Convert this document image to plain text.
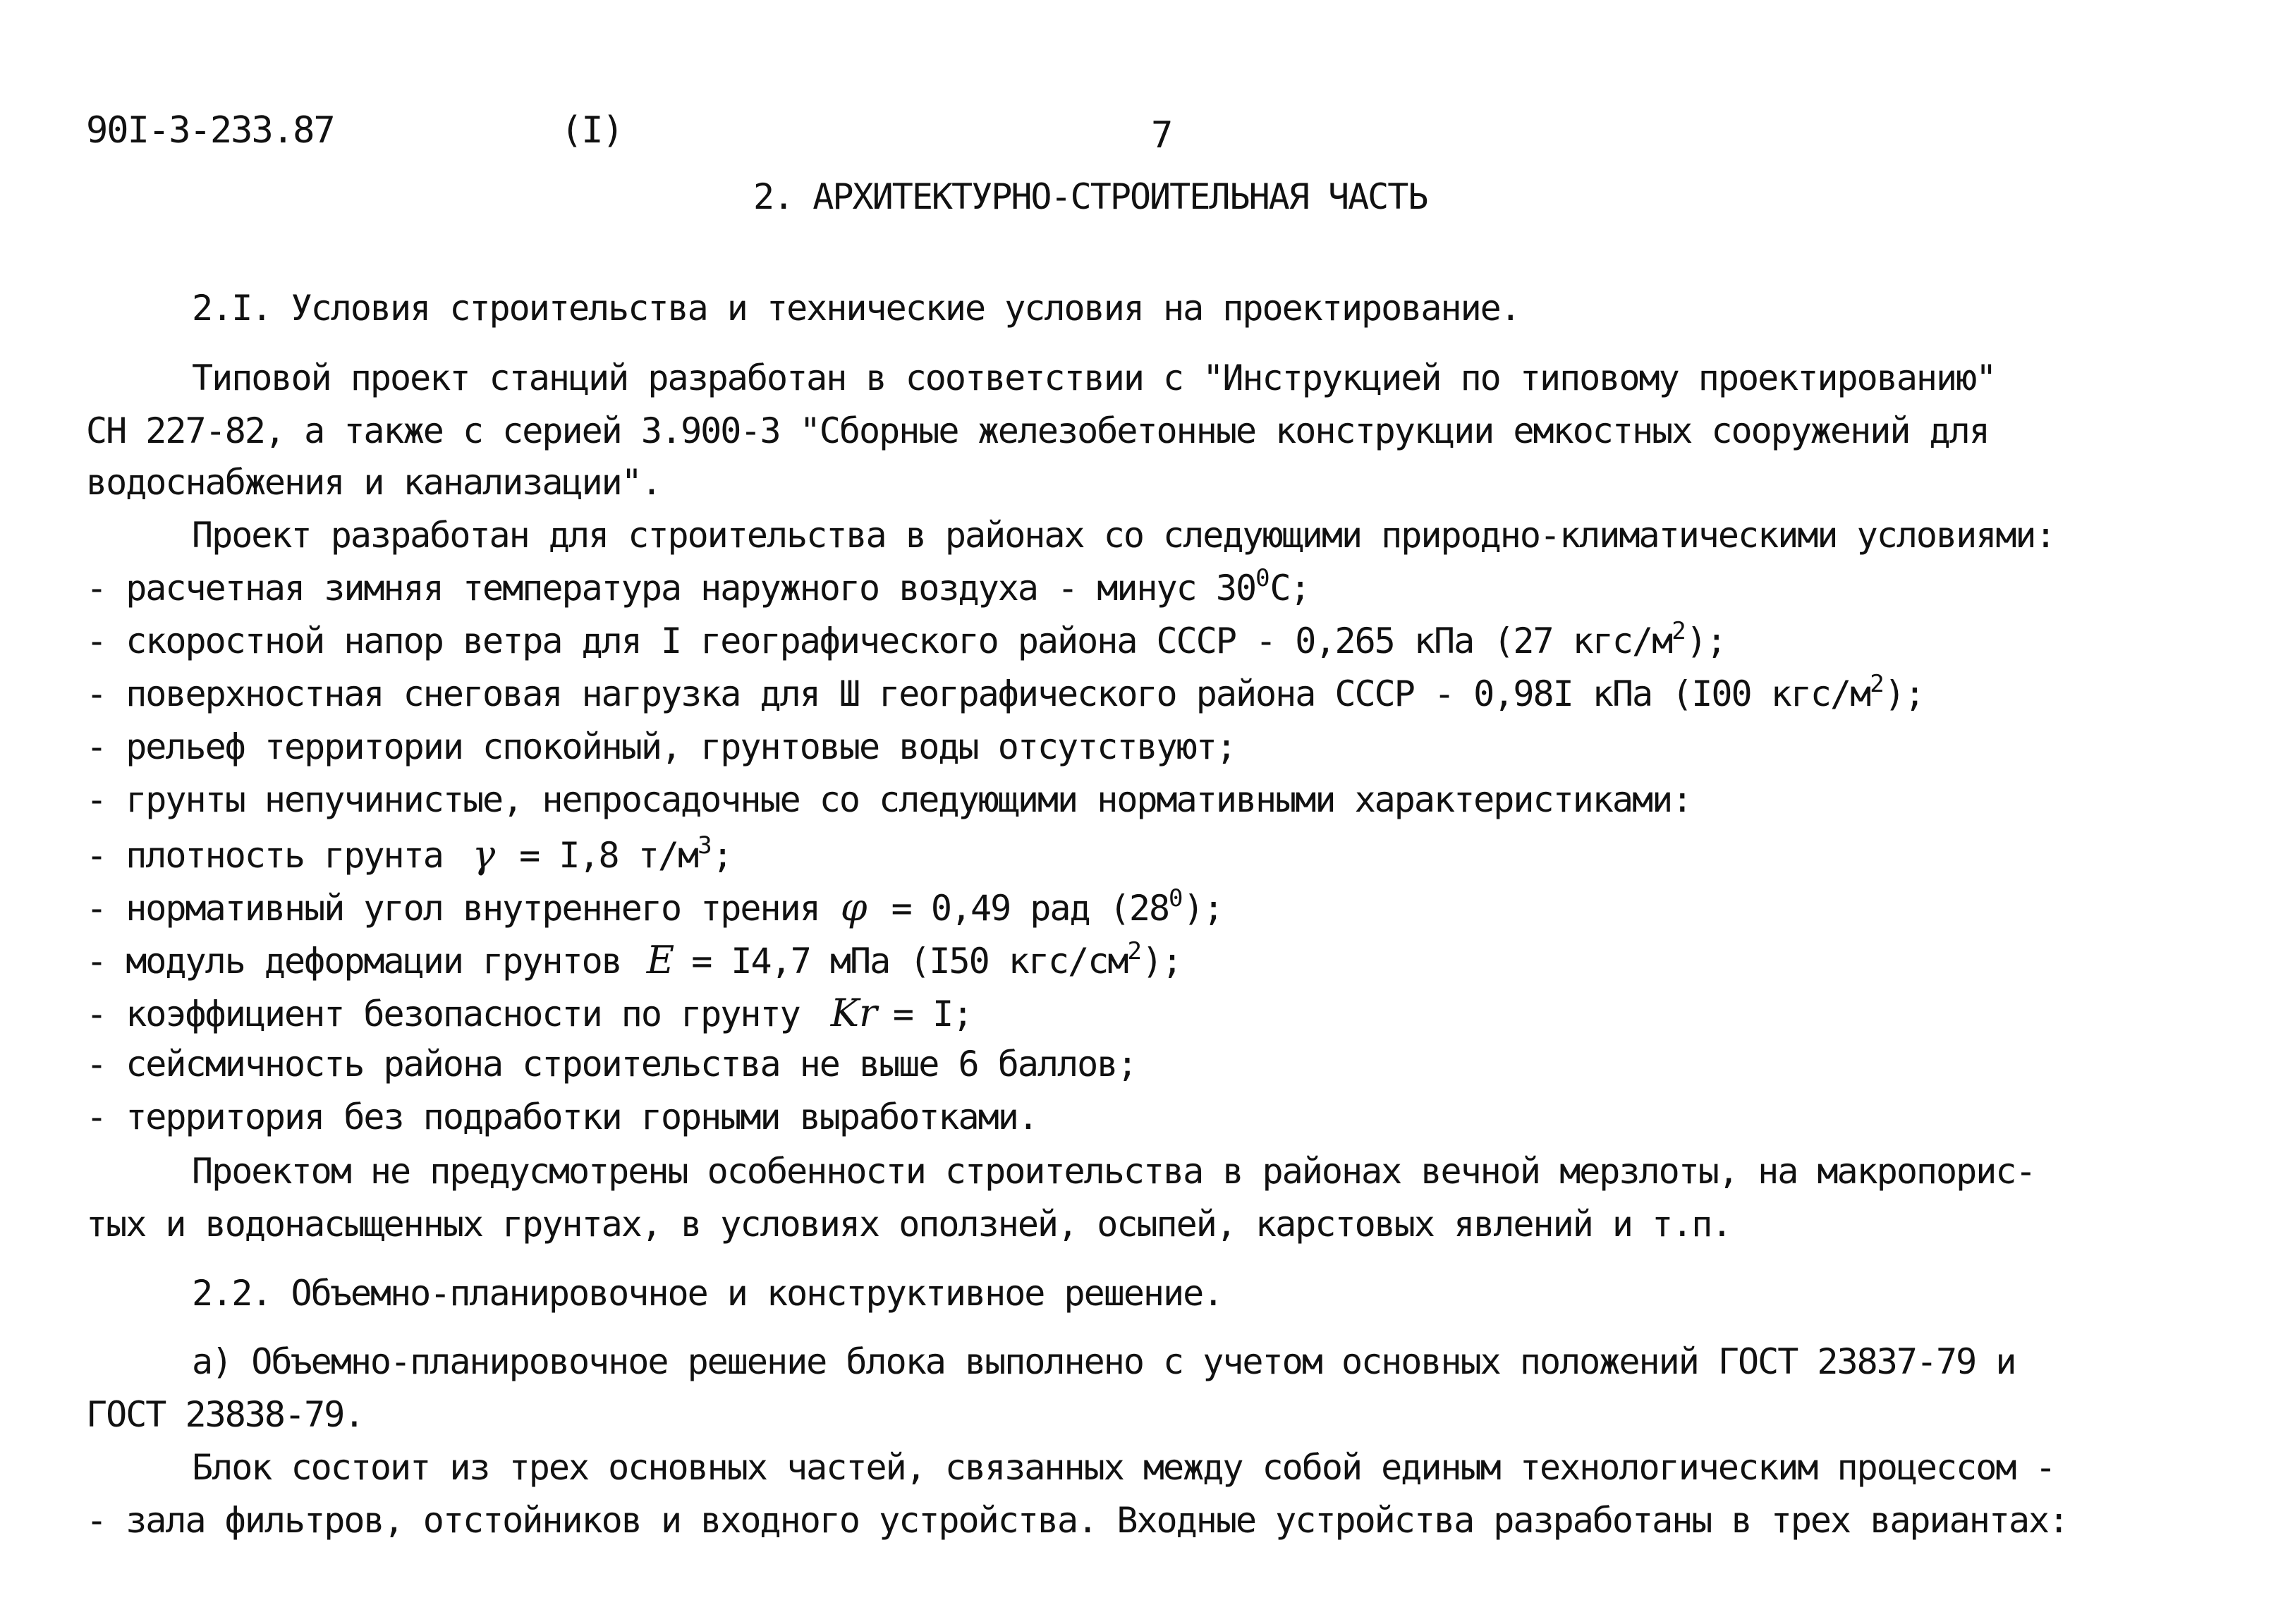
90I-3-233.87	(I)	7
2. АРХИТЕКТУРНО-СТРОИТЕЛЬНАЯ ЧАСТЬ
2.I. Условия строительства и технические условия на проектирование.
Типовой проект станций разработан в соответствии с "Инструкцией по типовому проектированию"
СН 227-82, а также с серией 3.900-3 "Сборные железобетонные конструкции емкостных сооружений для
водоснабжения и канализации".
Проект разработан для строительства в районах со следующими природно-климатическими условиями:
- расчетная зимняя температура наружного воздуха - минус $30^0С$;
- скоростной напор ветра для I географического района СССР - 0,265 кПа (27 кгс/$м^2$);
- поверхностная снеговая нагрузка для Ш географического района СССР - 0,98I кПа (I00 кгс/$м^2$);
- рельеф территории спокойный, грунтовые воды отсутствуют;
- грунты непучинистые, непросадочные со следующими нормативными характеристиками:
- плотность грунта γ = I,8 $т/м^3$;
- нормативный угол внутреннего трения φ = 0,49 рад $(28^0)$;
- модуль деформации грунтов E = I4,7 мПа (I50 кгс/$см^2$);
- коэффициент безопасности по грунту Kr = I;
- сейсмичность района строительства не выше 6 баллов;
- территория без подработки горными выработками.
Проектом не предусмотрены особенности строительства в районах вечной мерзлоты, на макропорис-
тых и водонасыщенных грунтах, в условиях оползней, осыпей, карстовых явлений и т.п.
2.2. Объемно-планировочное и конструктивное решение.
а) Объемно-планировочное решение блока выполнено с учетом основных положений ГОСТ 23837-79 и
ГОСТ 23838-79.
Блок состоит из трех основных частей, связанных между собой единым технологическим процессом -
- зала фильтров, отстойников и входного устройства. Входные устройства разработаны в трех вариантах:
